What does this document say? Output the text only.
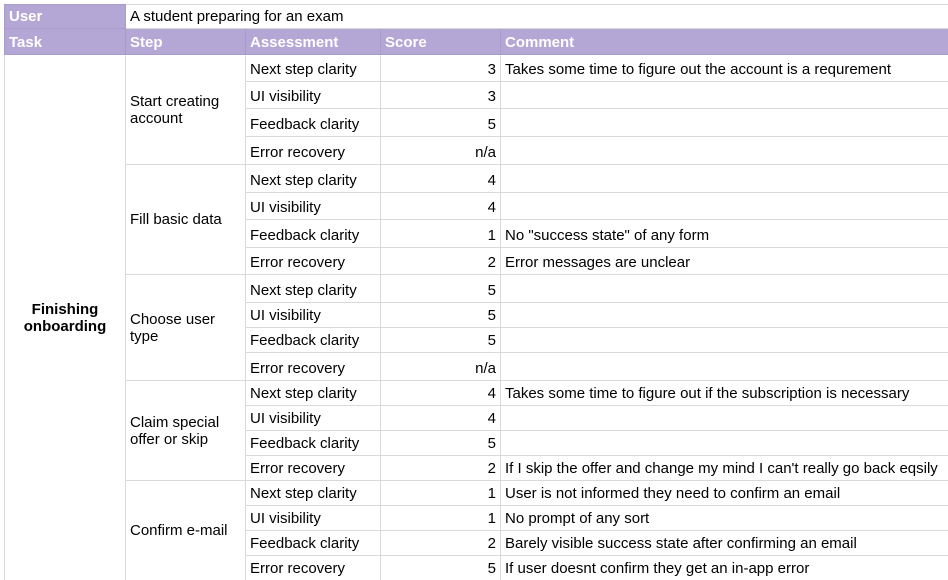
User	A student preparing for an exam			
Task	Step	Assessment	Score	Comment
Finishing onboarding	Start creating account	Next step clarity	3	Takes some time to figure out the account is a requrement
		UI visibility	3	
		Feedback clarity	5	
		Error recovery	n/a	
	Fill basic data	Next step clarity	4	
		UI visibility	4	
		Feedback clarity	1	No "success state" of any form
		Error recovery	2	Error messages are unclear
	Choose user type	Next step clarity	5	
		UI visibility	5	
		Feedback clarity	5	
		Error recovery	n/a	
	Claim special offer or skip	Next step clarity	4	Takes some time to figure out if the subscription is necessary
		UI visibility	4	
		Feedback clarity	5	
		Error recovery	2	If I skip the offer and change my mind I can't really go back eqsily
	Confirm e-mail	Next step clarity	1	User is not informed they need to confirm an email
		UI visibility	1	No prompt of any sort
		Feedback clarity	2	Barely visible success state after confirming an email
		Error recovery	5	If user doesnt confirm they get an in-app error
